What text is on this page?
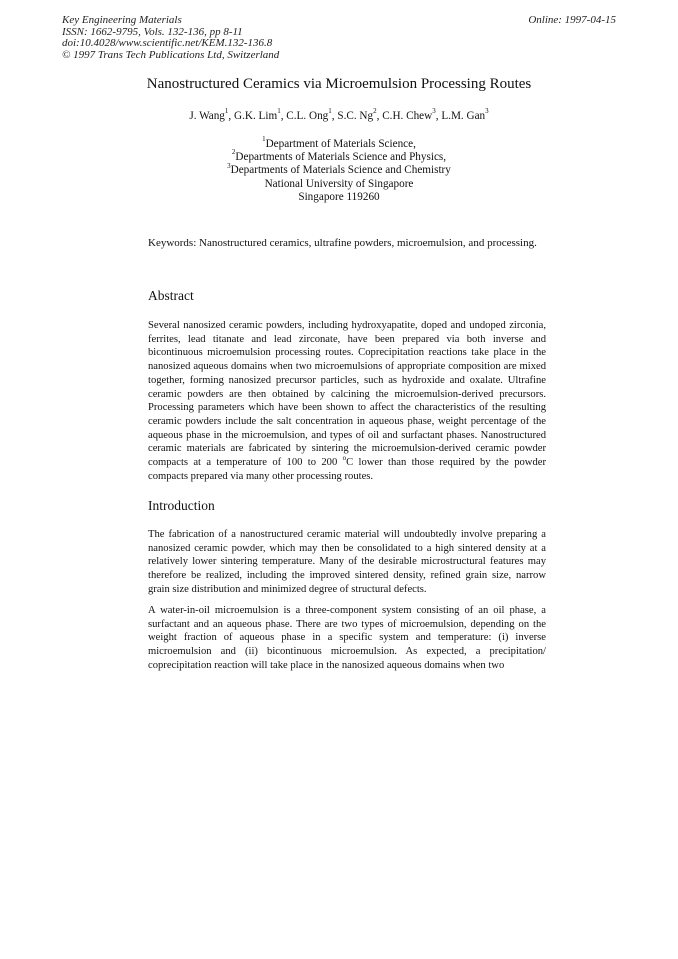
Key Engineering Materials
ISSN: 1662-9795, Vols. 132-136, pp 8-11
doi:10.4028/www.scientific.net/KEM.132-136.8
© 1997 Trans Tech Publications Ltd, Switzerland
Online: 1997-04-15
Nanostructured Ceramics via Microemulsion Processing Routes
J. Wang$^1$, G.K. Lim$^1$, C.L. Ong$^1$, S.C. Ng$^2$, C.H. Chew$^3$, L.M. Gan$^3$
$^1$Department of Materials Science,
$^2$Departments of Materials Science and Physics,
$^3$Departments of Materials Science and Chemistry
National University of Singapore
Singapore 119260
Keywords: Nanostructured ceramics, ultrafine powders, microemulsion, and processing.
Abstract
Several nanosized ceramic powders, including hydroxyapatite, doped and undoped zirconia, ferrites, lead titanate and lead zirconate, have been prepared via both inverse and bicontinuous microemulsion processing routes. Coprecipitation reactions take place in the nanosized aqueous domains when two microemulsions of appropriate composition are mixed together, forming nanosized precursor particles, such as hydroxide and oxalate. Ultrafine ceramic powders are then obtained by calcining the microemulsion-derived precursors. Processing parameters which have been shown to affect the characteristics of the resulting ceramic powders include the salt concentration in aqueous phase, weight percentage of the aqueous phase in the microemulsion, and types of oil and surfactant phases. Nanostructured ceramic materials are fabricated by sintering the microemulsion-derived ceramic powder compacts at a temperature of 100 to 200 $^o$C lower than those required by the powder compacts prepared via many other processing routes.
Introduction
The fabrication of a nanostructured ceramic material will undoubtedly involve preparing a nanosized ceramic powder, which may then be consolidated to a high sintered density at a relatively lower sintering temperature. Many of the desirable microstructural features may therefore be realized, including the improved sintered density, refined grain size, narrow grain size distribution and minimized degree of structural defects.
A water-in-oil microemulsion is a three-component system consisting of an oil phase, a surfactant and an aqueous phase. There are two types of microemulsion, depending on the weight fraction of aqueous phase in a specific system and temperature: (i) inverse microemulsion and (ii) bicontinuous microemulsion. As expected, a precipitation/ coprecipitation reaction will take place in the nanosized aqueous domains when two
